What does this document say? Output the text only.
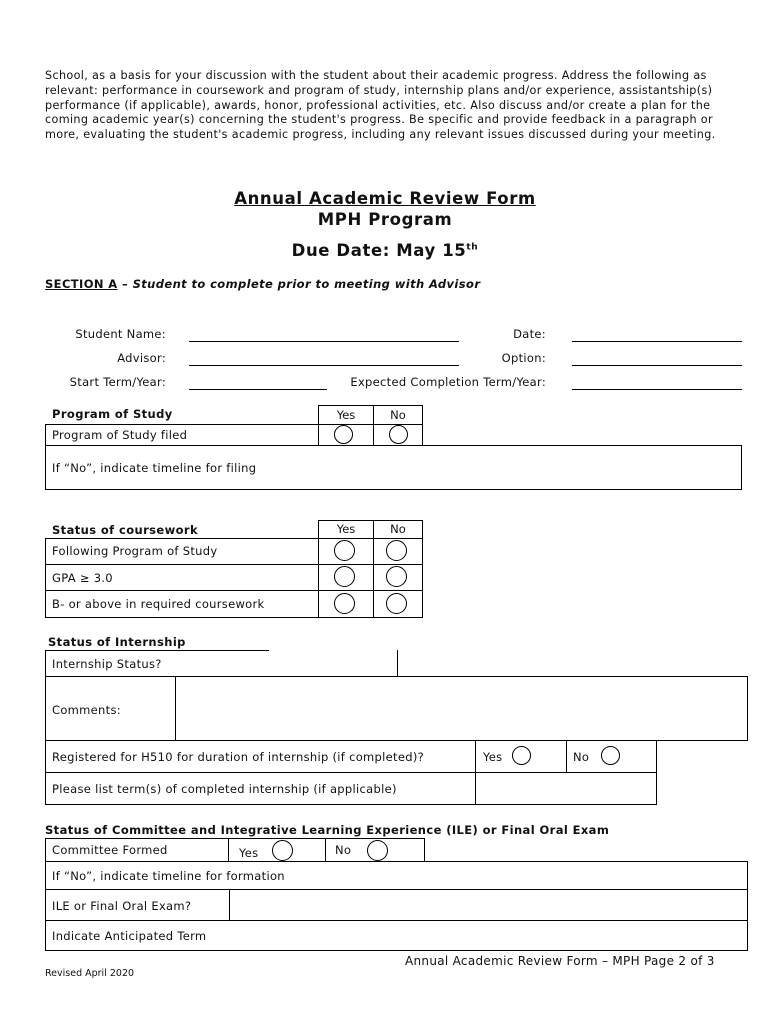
School, as a basis for your discussion with the student about their academic progress. Address the following as relevant: performance in coursework and program of study, internship plans and/or experience, assistantship(s) performance (if applicable), awards, honor, professional activities, etc. Also discuss and/or create a plan for the coming academic year(s) concerning the student's progress. Be specific and provide feedback in a paragraph or more, evaluating the student's academic progress, including any relevant issues discussed during your meeting.
Annual Academic Review Form
MPH Program
Due Date: May 15th
SECTION A – Student to complete prior to meeting with Advisor
Student Name:
Advisor:
Start Term/Year:
Date:
Option:
Expected Completion Term/Year:
Program of Study	Yes	No
Program of Study filed
If “No”, indicate timeline for filing
Status of coursework	Yes	No
Following Program of Study
GPA ≥ 3.0
B- or above in required coursework
Status of Internship
Internship Status?
Comments:
Registered for H510 for duration of internship (if completed)?	Yes	No
Please list term(s) of completed internship (if applicable)
Status of Committee and Integrative Learning Experience (ILE) or Final Oral Exam
Committee Formed	Yes	No
If “No”, indicate timeline for formation
ILE or Final Oral Exam?
Indicate Anticipated Term
Annual Academic Review Form – MPH Page 2 of 3
Revised April 2020
